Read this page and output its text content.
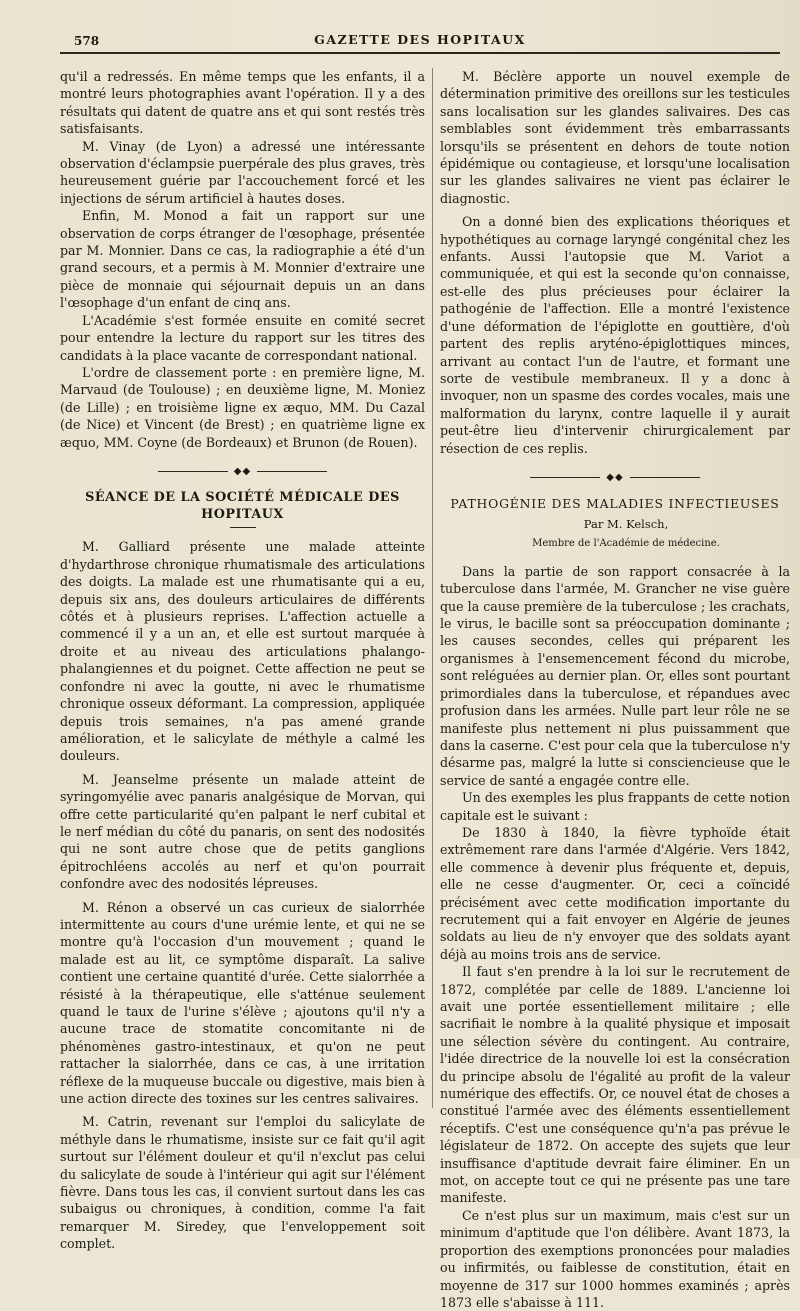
578	GAZETTE DES HOPITAUX

qu'il a redressés. En même temps que les enfants, il a montré leurs photographies avant l'opération. Il y a des résultats qui datent de quatre ans et qui sont restés très satisfaisants.

M. Vinay (de Lyon) a adressé une intéressante observation d'éclampsie puerpérale des plus graves, très heureusement guérie par l'accouchement forcé et les injections de sérum artificiel à hautes doses.

Enfin, M. Monod a fait un rapport sur une observation de corps étranger de l'œsophage, présentée par M. Monnier. Dans ce cas, la radiographie a été d'un grand secours, et a permis à M. Monnier d'extraire une pièce de monnaie qui séjournait depuis un an dans l'œsophage d'un enfant de cinq ans.

L'Académie s'est formée ensuite en comité secret pour entendre la lecture du rapport sur les titres des candidats à la place vacante de correspondant national.

L'ordre de classement porte : en première ligne, M. Marvaud (de Toulouse) ; en deuxième ligne, M. Moniez (de Lille) ; en troisième ligne ex æquo, MM. Du Cazal (de Nice) et Vincent (de Brest) ; en quatrième ligne ex æquo, MM. Coyne (de Bordeaux) et Brunon (de Rouen).

◆◆
SÉANCE DE LA SOCIÉTÉ MÉDICALE DES HOPITAUX

M. Galliard présente une malade atteinte d'hydarthrose chronique rhumatismale des articulations des doigts. La malade est une rhumatisante qui a eu, depuis six ans, des douleurs articulaires de différents côtés et à plusieurs reprises. L'affection actuelle a commencé il y a un an, et elle est surtout marquée à droite et au niveau des articulations phalango-phalangiennes et du poignet. Cette affection ne peut se confondre ni avec la goutte, ni avec le rhumatisme chronique osseux déformant. La compression, appliquée depuis trois semaines, n'a pas amené grande amélioration, et le salicylate de méthyle a calmé les douleurs.

M. Jeanselme présente un malade atteint de syringomyélie avec panaris analgésique de Morvan, qui offre cette particularité qu'en palpant le nerf cubital et le nerf médian du côté du panaris, on sent des nodosités qui ne sont autre chose que de petits ganglions épitrochléens accolés au nerf et qu'on pourrait confondre avec des nodosités lépreuses.

M. Rénon a observé un cas curieux de sialorrhée intermittente au cours d'une urémie lente, et qui ne se montre qu'à l'occasion d'un mouvement ; quand le malade est au lit, ce symptôme disparaît. La salive contient une certaine quantité d'urée. Cette sialorrhée a résisté à la thérapeutique, elle s'atténue seulement quand le taux de l'urine s'élève ; ajoutons qu'il n'y a aucune trace de stomatite concomitante ni de phénomènes gastro-intestinaux, et qu'on ne peut rattacher la sialorrhée, dans ce cas, à une irritation réflexe de la muqueuse buccale ou digestive, mais bien à une action directe des toxines sur les centres salivaires.

M. Catrin, revenant sur l'emploi du salicylate de méthyle dans le rhumatisme, insiste sur ce fait qu'il agit surtout sur l'élément douleur et qu'il n'exclut pas celui du salicylate de soude à l'intérieur qui agit sur l'élément fièvre. Dans tous les cas, il convient surtout dans les cas subaigus ou chroniques, à condition, comme l'a fait remarquer M. Siredey, que l'enveloppement soit complet.

M. Béclère apporte un nouvel exemple de détermination primitive des oreillons sur les testicules sans localisation sur les glandes salivaires. Des cas semblables sont évidemment très embarrassants lorsqu'ils se présentent en dehors de toute notion épidémique ou contagieuse, et lorsqu'une localisation sur les glandes salivaires ne vient pas éclairer le diagnostic.

On a donné bien des explications théoriques et hypothétiques au cornage laryngé congénital chez les enfants. Aussi l'autopsie que M. Variot a communiquée, et qui est la seconde qu'on connaisse, est-elle des plus précieuses pour éclairer la pathogénie de l'affection. Elle a montré l'existence d'une déformation de l'épiglotte en gouttière, d'où partent des replis aryténo-épiglottiques minces, arrivant au contact l'un de l'autre, et formant une sorte de vestibule membraneux. Il y a donc à invoquer, non un spasme des cordes vocales, mais une malformation du larynx, contre laquelle il y aurait peut-être lieu d'intervenir chirurgicalement par résection de ces replis.

◆◆
PATHOGÉNIE DES MALADIES INFECTIEUSES

Par M. Kelsch,

Membre de l'Académie de médecine.

Dans la partie de son rapport consacrée à la tuberculose dans l'armée, M. Grancher ne vise guère que la cause première de la tuberculose ; les crachats, le virus, le bacille sont sa préoccupation dominante ; les causes secondes, celles qui préparent les organismes à l'ensemencement fécond du microbe, sont reléguées au dernier plan. Or, elles sont pourtant primordiales dans la tuberculose, et répandues avec profusion dans les armées. Nulle part leur rôle ne se manifeste plus nettement ni plus puissamment que dans la caserne. C'est pour cela que la tuberculose n'y désarme pas, malgré la lutte si consciencieuse que le service de santé a engagée contre elle.

Un des exemples les plus frappants de cette notion capitale est le suivant :

De 1830 à 1840, la fièvre typhoïde était extrêmement rare dans l'armée d'Algérie. Vers 1842, elle commence à devenir plus fréquente et, depuis, elle ne cesse d'augmenter. Or, ceci a coïncidé précisément avec cette modification importante du recrutement qui a fait envoyer en Algérie de jeunes soldats au lieu de n'y envoyer que des soldats ayant déjà au moins trois ans de service.

Il faut s'en prendre à la loi sur le recrutement de 1872, complétée par celle de 1889. L'ancienne loi avait une portée essentiellement militaire ; elle sacrifiait le nombre à la qualité physique et imposait une sélection sévère du contingent. Au contraire, l'idée directrice de la nouvelle loi est la consécration du principe absolu de l'égalité au profit de la valeur numérique des effectifs. Or, ce nouvel état de choses a constitué l'armée avec des éléments essentiellement réceptifs. C'est une conséquence qu'n'a pas prévue le législateur de 1872. On accepte des sujets que leur insuffisance d'aptitude devrait faire éliminer. En un mot, on accepte tout ce qui ne présente pas une tare manifeste.

Ce n'est plus sur un maximum, mais c'est sur un minimum d'aptitude que l'on délibère. Avant 1873, la proportion des exemptions prononcées pour maladies ou infirmités, ou faiblesse de constitution, était en moyenne de 317 sur 1000 hommes examinés ; après 1873 elle s'abaisse à 111.
